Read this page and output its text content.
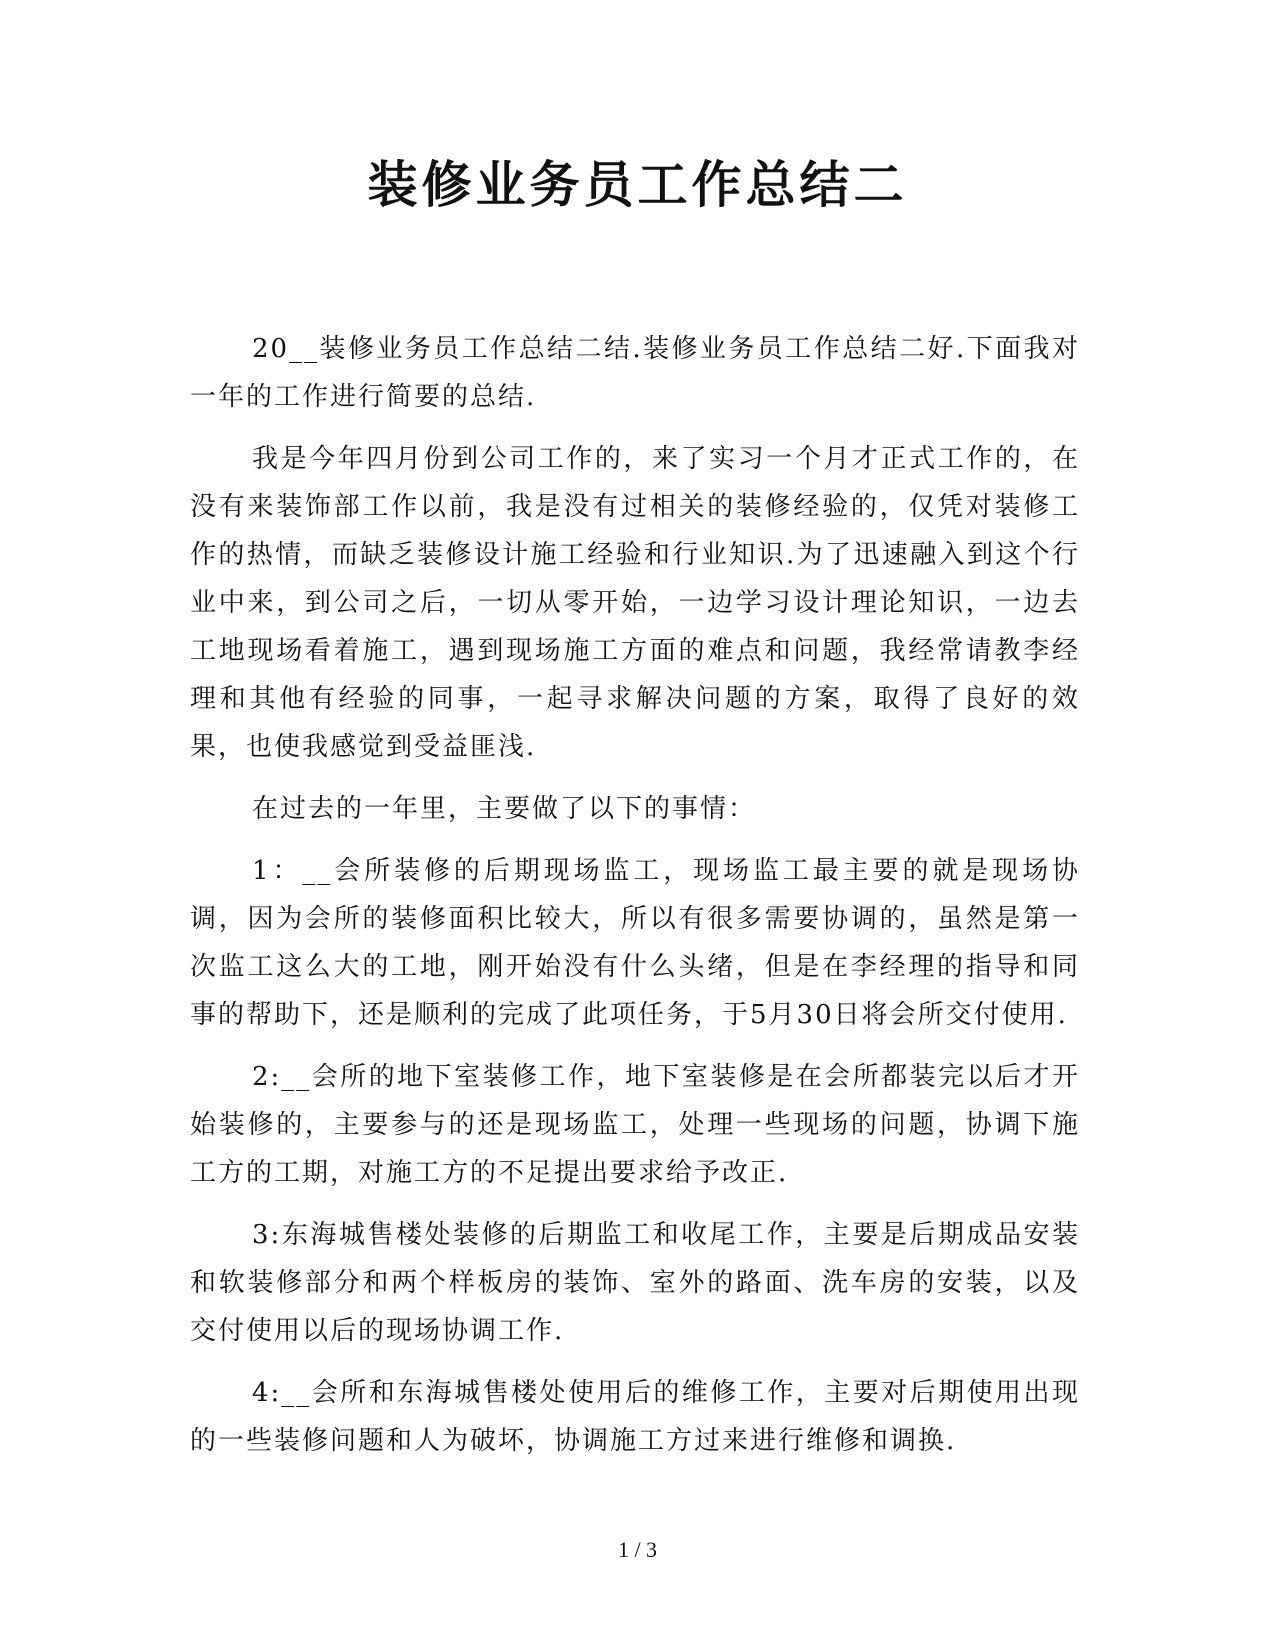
装修业务员工作总结二

20__装修业务员工作总结二结.装修业务员工作总结二好.下面我对一年的工作进行简要的总结.

我是今年四月份到公司工作的，来了实习一个月才正式工作的，在没有来装饰部工作以前，我是没有过相关的装修经验的，仅凭对装修工作的热情，而缺乏装修设计施工经验和行业知识.为了迅速融入到这个行业中来，到公司之后，一切从零开始，一边学习设计理论知识，一边去工地现场看着施工，遇到现场施工方面的难点和问题，我经常请教李经理和其他有经验的同事，一起寻求解决问题的方案，取得了良好的效果，也使我感觉到受益匪浅.

在过去的一年里，主要做了以下的事情：

1：__会所装修的后期现场监工，现场监工最主要的就是现场协调，因为会所的装修面积比较大，所以有很多需要协调的，虽然是第一次监工这么大的工地，刚开始没有什么头绪，但是在李经理的指导和同事的帮助下，还是顺利的完成了此项任务，于5月30日将会所交付使用.

2:__会所的地下室装修工作，地下室装修是在会所都装完以后才开始装修的，主要参与的还是现场监工，处理一些现场的问题，协调下施工方的工期，对施工方的不足提出要求给予改正.

3:东海城售楼处装修的后期监工和收尾工作，主要是后期成品安装和软装修部分和两个样板房的装饰、室外的路面、洗车房的安装，以及交付使用以后的现场协调工作.

4:__会所和东海城售楼处使用后的维修工作，主要对后期使用出现的一些装修问题和人为破坏，协调施工方过来进行维修和调换.

1 / 3
